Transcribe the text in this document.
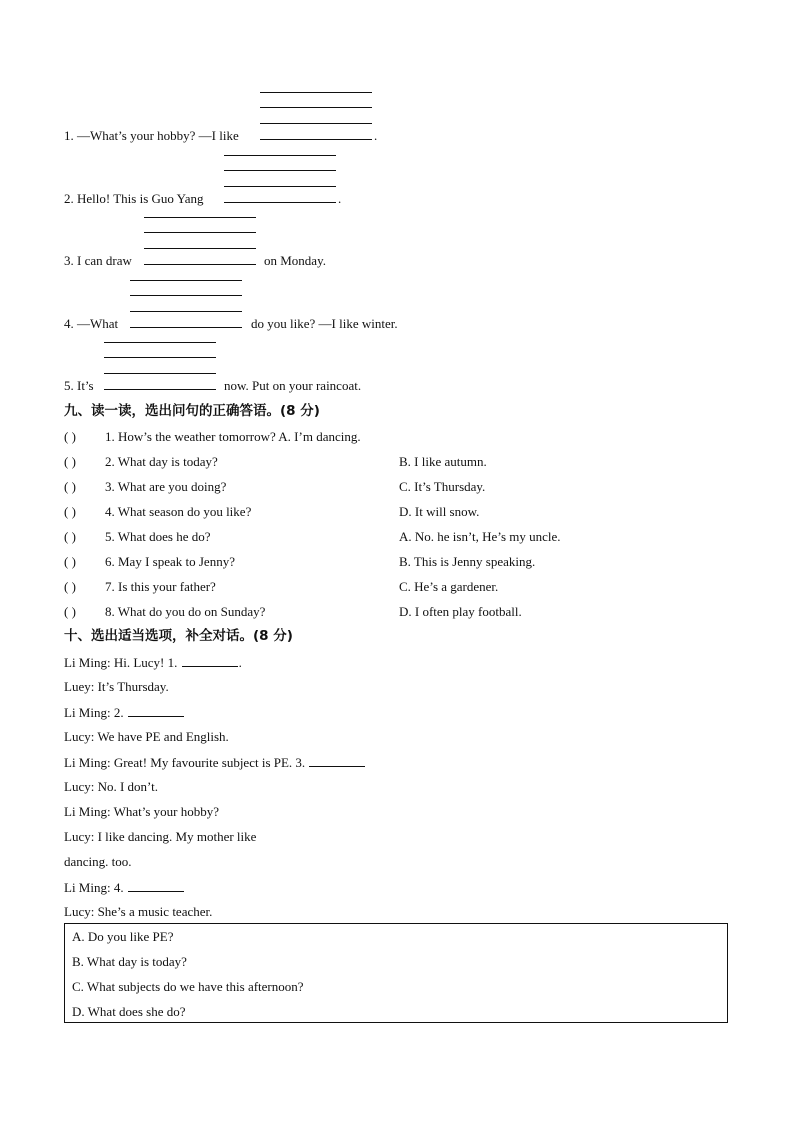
1. —What’s your hobby? —I like	.
2. Hello! This is Guo Yang	.
3. I can draw	on Monday.
4. —What	do you like? —I like winter.
5. It’s	now. Put on your raincoat.
九、读一读，选出问句的正确答语。(8 分)
( ) 1. How’s the weather tomorrow? A. I’m dancing.
( ) 2. What day is today?	B. I like autumn.
( ) 3. What are you doing?	C. It’s Thursday.
( ) 4. What season do you like?	D. It will snow.
( ) 5. What does he do?	A. No. he isn’t, He’s my uncle.
( ) 6. May I speak to Jenny?	B. This is Jenny speaking.
( ) 7. Is this your father?	C. He’s a gardener.
( ) 8. What do you do on Sunday?	D. I often play football.
十、选出适当选项，补全对话。(8 分)
Li Ming: Hi. Lucy! 1.	.
Luey: It’s Thursday.
Li Ming: 2.
Lucy: We have PE and English.
Li Ming: Great! My favourite subject is PE. 3.
Lucy: No. I don’t.
Li Ming: What’s your hobby?
Lucy: I like dancing. My mother like
dancing. too.
Li Ming: 4.
Lucy: She’s a music teacher.
A. Do you like PE?
B. What day is today?
C. What subjects do we have this afternoon?
D. What does she do?
